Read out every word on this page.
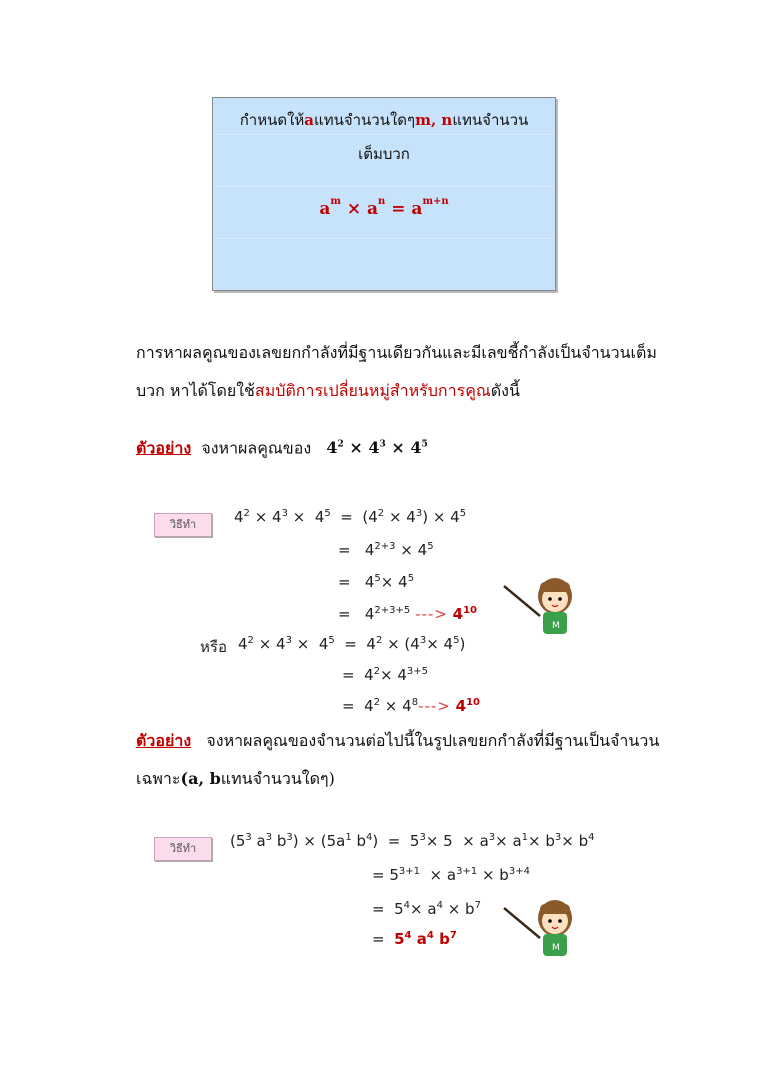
กำหนดให้aแทนจำนวนใดๆm, nแทนจำนวน
เต็มบวก
$a^m \times a^n = a^{m+n}$
การหาผลคูณของเลขยกกำลังที่มีฐานเดียวกันและมีเลขชี้กำลังเป็นจำนวนเต็ม
บวก หาได้โดยใช้สมบัติการเปลี่ยนหมู่สำหรับการคูณดังนี้
ตัวอย่าง จงหาผลคูณของ $4^2 \times 4^3 \times 4^5$
วิธีทำ	$4^2 \times 4^3 \times 4^5 = (4^2 \times 4^3) \times 4^5$
=   $4^{2+3} \times 4^5$
=   $4^5\times 4^5$
=   $4^{2+3+5}$ ---> $4^{10}$
หรือ $4^2 \times 4^3 \times 4^5 = 4^2 \times (4^3\times 4^5)$
=  $4^2\times 4^{3+5}$
=  $4^2 \times 4^8---> 4^{10}$
M
ตัวอย่าง จงหาผลคูณของจำนวนต่อไปนี้ในรูปเลขยกกำลังที่มีฐานเป็นจำนวน
เฉพาะ(a, bแทนจำนวนใดๆ)
วิธีทำ	($5^3$ $a^3$ $b^3) \times (5a^1$ $b^4) = 5^3\times 5 \times a^3\times a^1\times b^3\times b^4$
= $5^{3+1} \times a^{3+1} \times b^{3+4}$
=  $5^4\times a^4 \times b^7$
=  $5^4$ $a^4$ $b^7$
M
